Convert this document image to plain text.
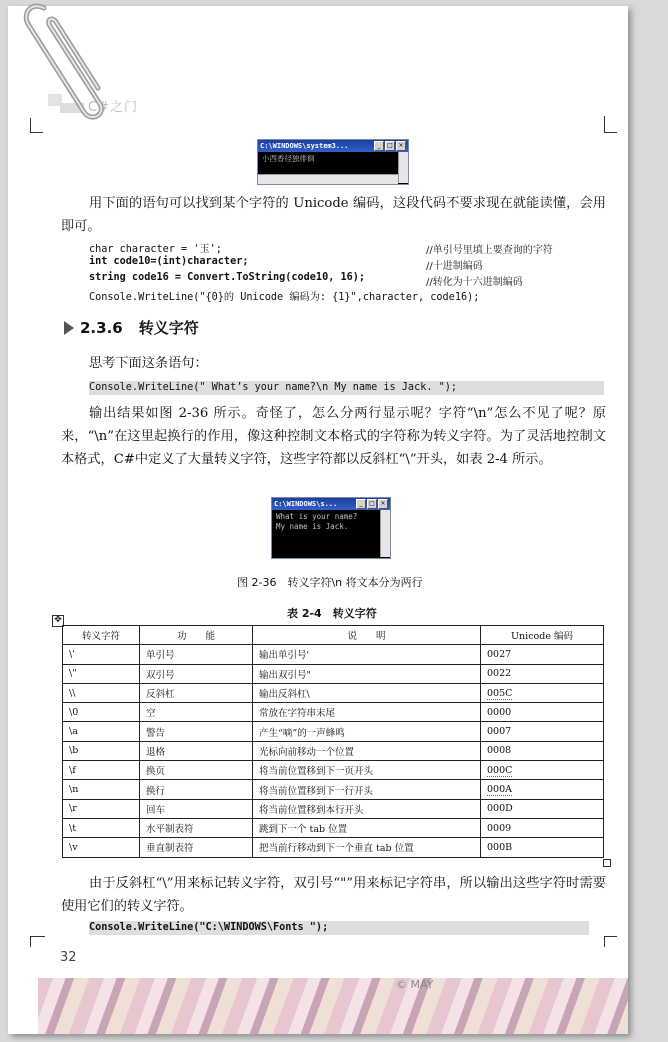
C#之门
C:\WINDOWS\system3...	_	□ ×
小西香径独徘徊

用下面的语句可以找到某个字符的 Unicode 编码，这段代码不要求现在就能读懂，会用即可。

char character = '玉';	//单引号里填上要查询的字符
int code10=(int)character;	//十进制编码
string code16 = Convert.ToString(code10, 16);	//转化为十六进制编码
Console.WriteLine("{0}的 Unicode 编码为: {1}",character, code16);
2.3.6 转义字符

思考下面这条语句：

Console.WriteLine(" What’s your name?\n My name is Jack. ");

输出结果如图 2-36 所示。奇怪了，怎么分两行显示呢？字符“\n”怎么不见了呢？原来，“\n”在这里起换行的作用，像这种控制文本格式的字符称为转义字符。为了灵活地控制文本格式，C#中定义了大量转义字符，这些字符都以反斜杠“\”开头，如表 2-4 所示。

C:\WINDOWS\s...	_	□ ×
What is your name?
My name is Jack.
图 2-36　转义字符\n 将文本分为两行
表 2-4　转义字符
✥
转义字符	功　　能	说　　明	Unicode 编码
\'	单引号	输出单引号'	0027
\"	双引号	输出双引号"	0022
\\	反斜杠	输出反斜杠\	005C
\0	空	常放在字符串末尾	0000
\a	警告	产生“嘀”的一声蜂鸣	0007
\b	退格	光标向前移动一个位置	0008
\f	换页	将当前位置移到下一页开头	000C
\n	换行	将当前位置移到下一行开头	000A
\r	回车	将当前位置移到本行开头	000D
\t	水平制表符	跳到下一个 tab 位置	0009
\v	垂直制表符	把当前行移动到下一个垂直 tab 位置	000B

由于反斜杠“\”用来标记转义字符，双引号“"”用来标记字符串，所以输出这些字符时需要使用它们的转义字符。

Console.WriteLine("C:\WINDOWS\Fonts ");
32
© MAY
